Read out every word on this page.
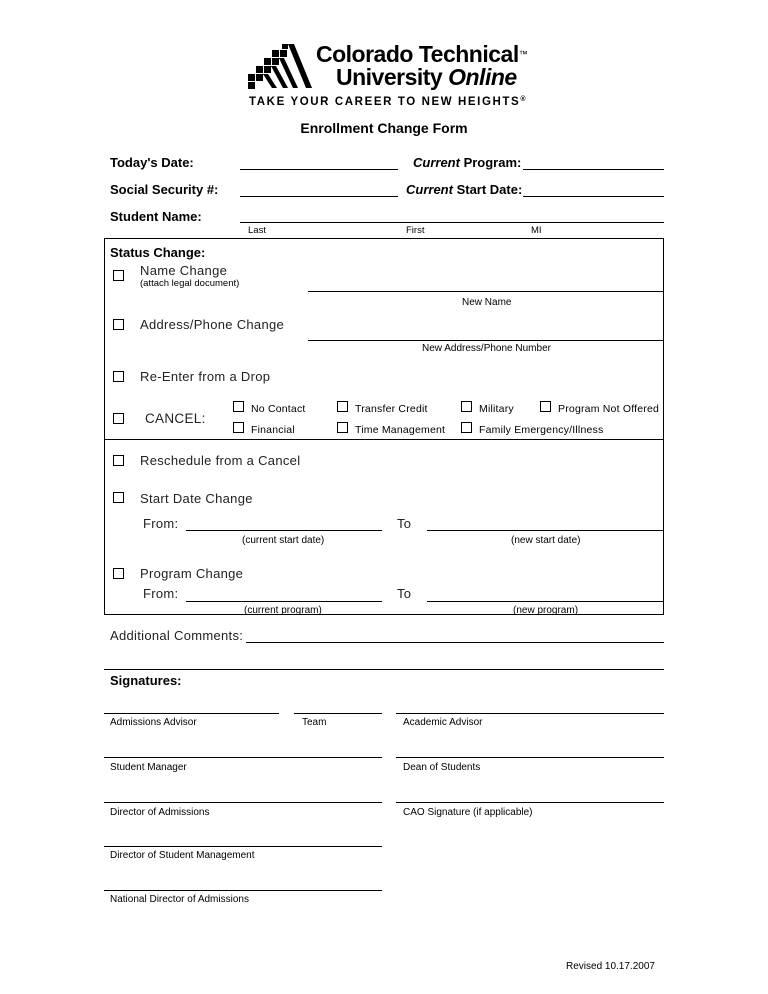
Colorado Technical™
University Online
TAKE YOUR CAREER TO NEW HEIGHTS®
Enrollment Change Form
Today's Date:	Current Program:
Social Security #:	Current Start Date:
Student Name:
Last	First	MI
Status Change:
Name Change
(attach legal document)
New Name
Address/Phone Change
New Address/Phone Number
Re-Enter from a Drop
CANCEL:
No Contact	Transfer Credit	Military	Program Not Offered
Financial	Time Management	Family Emergency/Illness
Reschedule from a Cancel
Start Date Change
From:	To
(current start date)	(new start date)
Program Change
From:	To
(current program)	(new program)
Additional Comments:
Signatures:
Admissions Advisor	Team	Academic Advisor
Student Manager	Dean of Students
Director of Admissions	CAO Signature (if applicable)
Director of Student Management
National Director of Admissions
Revised 10.17.2007
